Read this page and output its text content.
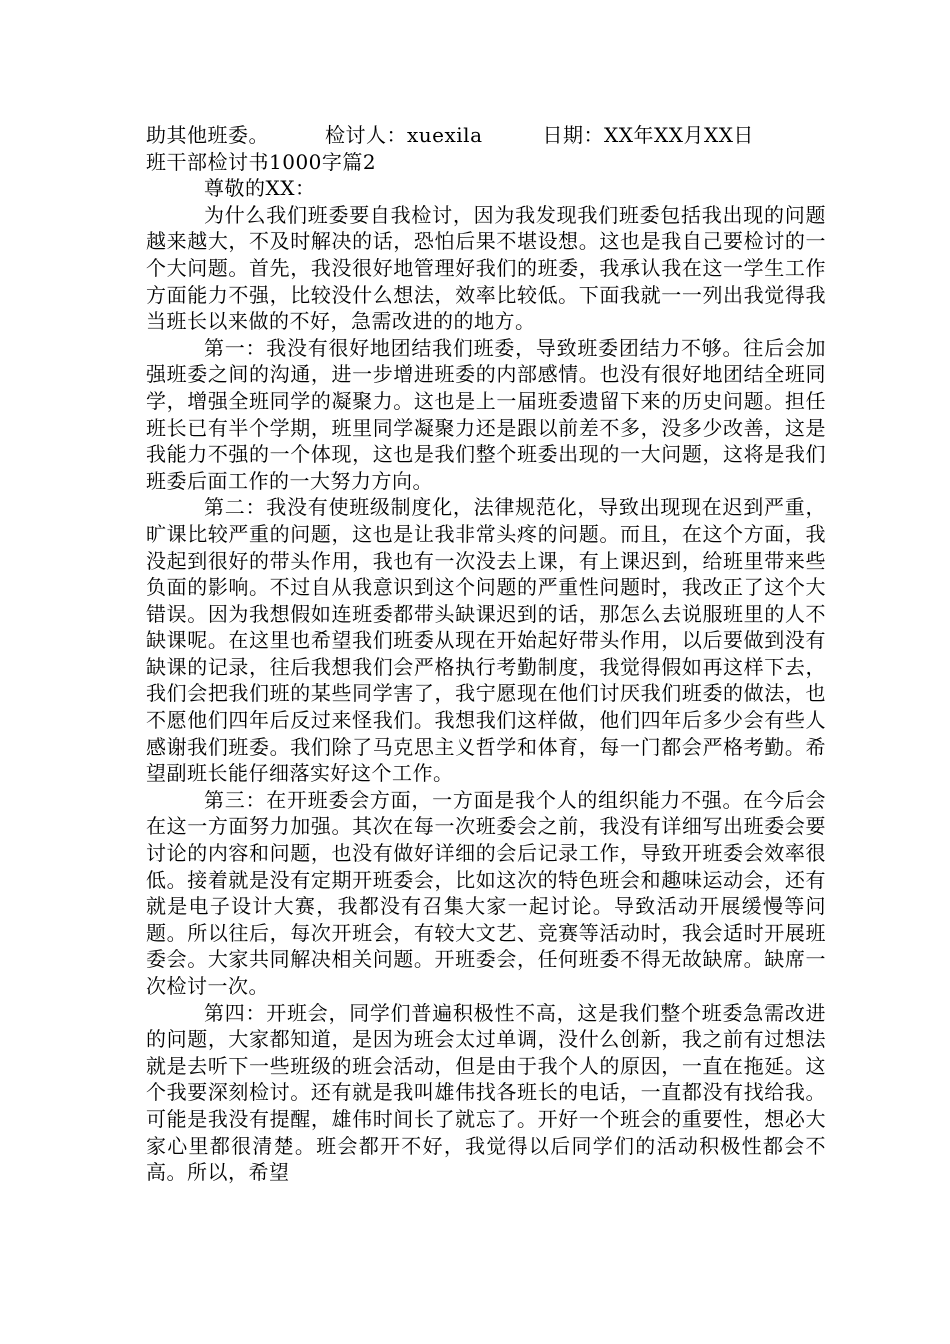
助其他班委。	检讨人：xuexila	日期：XX年XX月XX日
班干部检讨书1000字篇2
尊敬的XX：
为什么我们班委要自我检讨，因为我发现我们班委包括我出现的问题越来越大，不及时解决的话，恐怕后果不堪设想。这也是我自己要检讨的一个大问题。首先，我没很好地管理好我们的班委，我承认我在这一学生工作方面能力不强，比较没什么想法，效率比较低。下面我就一一列出我觉得我当班长以来做的不好，急需改进的的地方。
第一：我没有很好地团结我们班委，导致班委团结力不够。往后会加强班委之间的沟通，进一步增进班委的内部感情。也没有很好地团结全班同学，增强全班同学的凝聚力。这也是上一届班委遗留下来的历史问题。担任班长已有半个学期，班里同学凝聚力还是跟以前差不多，没多少改善，这是我能力不强的一个体现，这也是我们整个班委出现的一大问题，这将是我们班委后面工作的一大努力方向。
第二：我没有使班级制度化，法律规范化，导致出现现在迟到严重，旷课比较严重的问题，这也是让我非常头疼的问题。而且，在这个方面，我没起到很好的带头作用，我也有一次没去上课，有上课迟到，给班里带来些负面的影响。不过自从我意识到这个问题的严重性问题时，我改正了这个大错误。因为我想假如连班委都带头缺课迟到的话，那怎么去说服班里的人不缺课呢。在这里也希望我们班委从现在开始起好带头作用，以后要做到没有缺课的记录，往后我想我们会严格执行考勤制度，我觉得假如再这样下去，我们会把我们班的某些同学害了，我宁愿现在他们讨厌我们班委的做法，也不愿他们四年后反过来怪我们。我想我们这样做，他们四年后多少会有些人感谢我们班委。我们除了马克思主义哲学和体育，每一门都会严格考勤。希望副班长能仔细落实好这个工作。
第三：在开班委会方面，一方面是我个人的组织能力不强。在今后会在这一方面努力加强。其次在每一次班委会之前，我没有详细写出班委会要讨论的内容和问题，也没有做好详细的会后记录工作，导致开班委会效率很低。接着就是没有定期开班委会，比如这次的特色班会和趣味运动会，还有就是电子设计大赛，我都没有召集大家一起讨论。导致活动开展缓慢等问题。所以往后，每次开班会，有较大文艺、竞赛等活动时，我会适时开展班委会。大家共同解决相关问题。开班委会，任何班委不得无故缺席。缺席一次检讨一次。
第四：开班会，同学们普遍积极性不高，这是我们整个班委急需改进的问题，大家都知道，是因为班会太过单调，没什么创新，我之前有过想法就是去听下一些班级的班会活动，但是由于我个人的原因，一直在拖延。这个我要深刻检讨。还有就是我叫雄伟找各班长的电话，一直都没有找给我。可能是我没有提醒，雄伟时间长了就忘了。开好一个班会的重要性，想必大家心里都很清楚。班会都开不好，我觉得以后同学们的活动积极性都会不高。所以，希望
